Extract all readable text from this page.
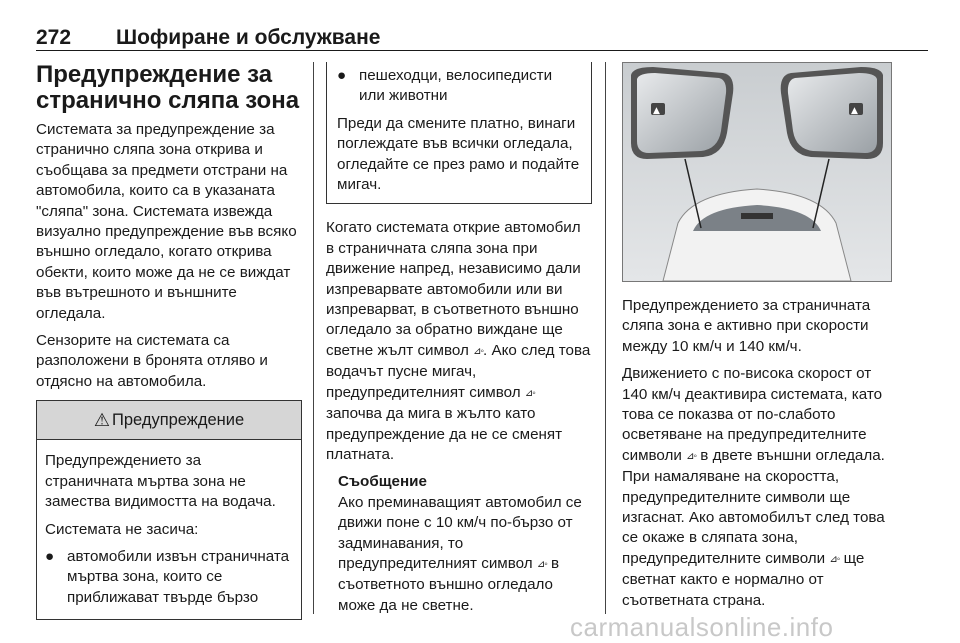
272 Шофиране и обслужване
Предупреждение за странично сляпа зона

Системата за предупреждение за странично сляпа зона открива и съобщава за предмети отстрани на автомобила, които са в указаната "сляпа" зона. Системата извежда визуално предупреждение във всяко външно огледало, когато открива обекти, които може да не се виждат във вътрешното и външните огледала.

Сензорите на системата са разположени в бронята отляво и отдясно на автомобила.

⚠ Предупреждение

Предупреждението за страничната мъртва зона не замества видимостта на водача.

Системата не засича:

● автомобили извън страничната мъртва зона, които се приближават твърде бързо

● пешеходци, велосипедисти или животни

Преди да смените платно, винаги поглеждате във всички огледала, огледайте се през рамо и подайте мигач.

Когато системата открие автомобил в страничната сляпа зона при движение напред, независимо дали изпреварвате автомобили или ви изпреварват, в съответното външно огледало за обратно виждане ще светне жълт символ ⊿◦. Ако след това водачът пусне мигач, предупредителният символ ⊿◦ започва да мига в жълто като предупреждение да не се сменят платната.

Съобщение

Ако преминаващият автомобил се движи поне с 10 км/ч по-бързо от задминавания, то предупредителният символ ⊿◦ в съответното външно огледало може да не светне.

▲	▲

Предупреждението за страничната сляпа зона е активно при скорости между 10 км/ч и 140 км/ч.

Движението с по-висока скорост от 140 км/ч деактивира системата, като това се показва от по-слабото осветяване на предупредителните символи ⊿◦ в двете външни огледала. При намаляване на скоростта, предупредителните символи ще изгаснат. Ако автомобилът след това се окаже в сляпата зона, предупредителните символи ⊿◦ ще светнат както е нормално от съответната страна.

carmanualsonline.info
